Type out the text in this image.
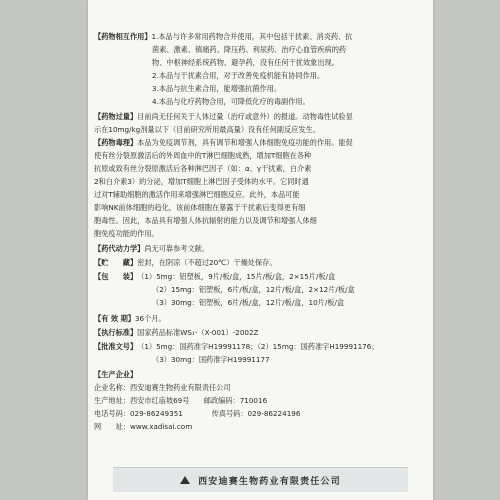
【药物相互作用】 1.本品与许多常用药物合并使用，其中包括干扰素、消炎药、抗
菌素、激素、镇痛药、降压药、利尿药、治疗心血管疾病的药
物、中枢神经系统药物、避孕药，没有任何干扰效象出现。
2.本品与干扰素合用，对于改善免疫机能有协同作用。
3.本品与抗生素合用，能增强抗菌作用。
4.本品与化疗药物合用，可降低化疗的毒副作用。
【药物过量】 目前尚无任何关于人体过量（治疗或意外）的报道。动物毒性试验显
示在10mg/kg剂量以下（目前研究所用最高量）没有任何副反应发生。
【药物毒理】 本品为免疫调节剂，具有调节和增强人体细胞免疫功能的作用。能促
使有丝分裂原激活后的外周血中的T淋巴细胞成熟，增加T细胞在各种
抗原或致有丝分裂原激活后各种淋巴因子（如：α、γ干扰素，白介素
2和白介素3）的分泌，增加T细胞上淋巴因子受体的水平。它同时通
过对T辅助细胞的激活作用来增强淋巴细胞反应。此外，本品可能
影响NK前体细胞的趋化，该前体细胞在暴露于干扰素后变得更有细
胞毒性。因此，本品具有增强人体抗辐射的能力以及调节和增强人体细
胞免疫功能的作用。
【药代动力学】 尚无可靠参考文献。
【贮　　藏】 密封，在阴凉（不超过20℃）干燥处保存。
【包　　装】 （1）5mg：铝塑板，9片/板/盒，15片/板/盒，2×15片/板/盒
（2）15mg：铝塑板，6片/板/盒，12片/板/盒，2×12片/板/盒
（3）30mg：铝塑板，6片/板/盒，12片/板/盒，10片/板/盒
【有 效 期】 36个月。
【执行标准】 国家药品标准WS₁-（X-001）-2002Z
【批准文号】 （1）5mg：国药准字H19991178；（2）15mg：国药准字H19991176；
（3）30mg：国药准字H19991177
【生产企业】
企业名称：西安迪赛生物药业有限责任公司
生产地址：西安市红庙坡69号　　邮政编码：710016
电话号码：029-86249351　　　　传真号码：029-86224196
网　　址：www.xadisai.com
西安迪赛生物药业有限责任公司
